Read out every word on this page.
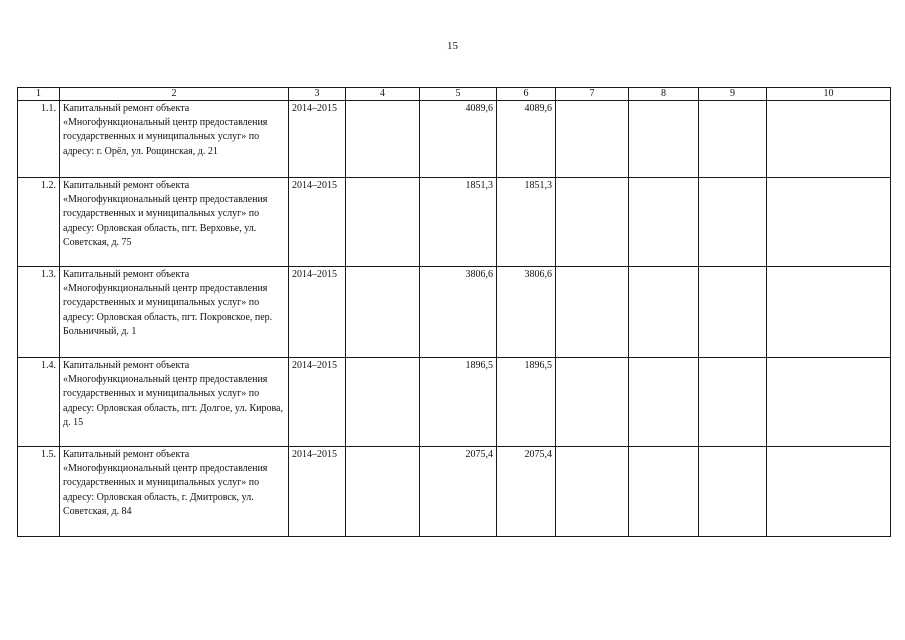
15
1	2	3	4	5	6	7	8	9	10
1.1.	Капитальный ремонт объекта «Многофункциональный центр предоставления государственных и муниципальных услуг» по адресу: г. Орёл, ул. Рощинская, д. 21	2014–2015		4089,6	4089,6				
1.2.	Капитальный ремонт объекта «Многофункциональный центр предоставления государственных и муниципальных услуг» по адресу: Орловская область, пгт. Верховье, ул. Советская, д. 75	2014–2015		1851,3	1851,3				
1.3.	Капитальный ремонт объекта «Многофункциональный центр предоставления государственных и муниципальных услуг» по адресу: Орловская область, пгт. Покровское, пер. Больничный, д. 1	2014–2015		3806,6	3806,6				
1.4.	Капитальный ремонт объекта «Многофункциональный центр предоставления государственных и муниципальных услуг» по адресу: Орловская область, пгт. Долгое, ул. Кирова, д. 15	2014–2015		1896,5	1896,5				
1.5.	Капитальный ремонт объекта «Многофункциональный центр предоставления государственных и муниципальных услуг» по адресу: Орловская область, г. Дмитровск, ул. Советская, д. 84	2014–2015		2075,4	2075,4				
